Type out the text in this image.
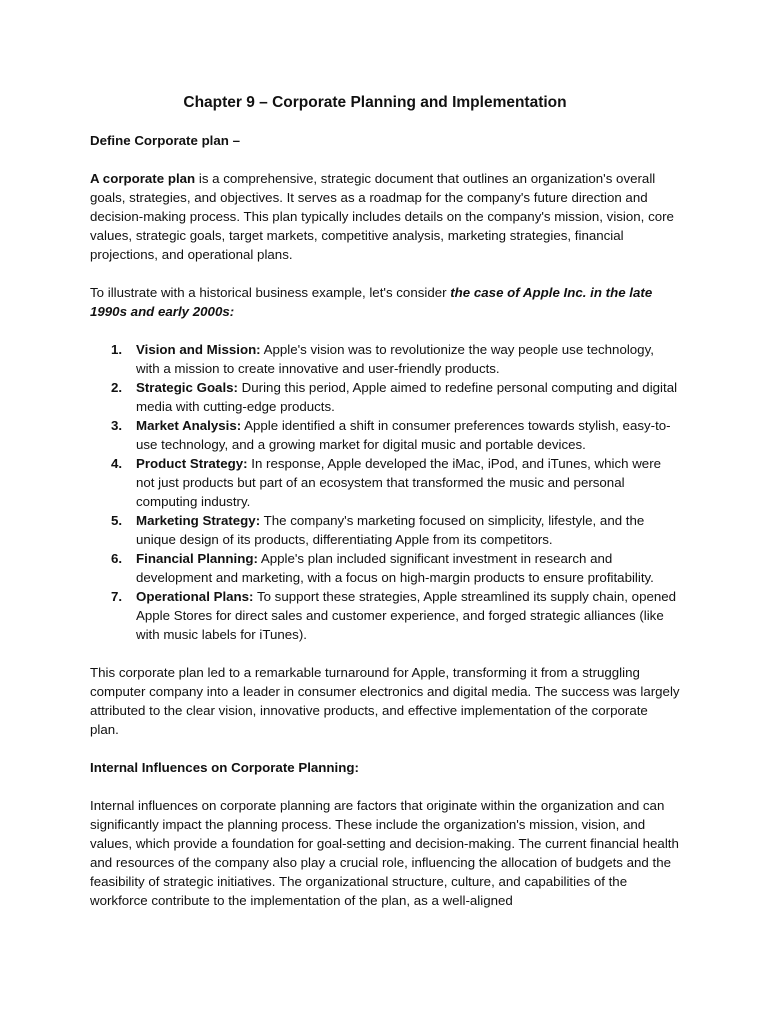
Chapter 9 – Corporate Planning and Implementation
Define Corporate plan –

A corporate plan is a comprehensive, strategic document that outlines an organization's overall goals, strategies, and objectives. It serves as a roadmap for the company's future direction and decision-making process. This plan typically includes details on the company's mission, vision, core values, strategic goals, target markets, competitive analysis, marketing strategies, financial projections, and operational plans.

To illustrate with a historical business example, let's consider the case of Apple Inc. in the late 1990s and early 2000s:

1. Vision and Mission: Apple's vision was to revolutionize the way people use technology, with a mission to create innovative and user-friendly products.
2. Strategic Goals: During this period, Apple aimed to redefine personal computing and digital media with cutting-edge products.
3. Market Analysis: Apple identified a shift in consumer preferences towards stylish, easy-to-use technology, and a growing market for digital music and portable devices.
4. Product Strategy: In response, Apple developed the iMac, iPod, and iTunes, which were not just products but part of an ecosystem that transformed the music and personal computing industry.
5. Marketing Strategy: The company's marketing focused on simplicity, lifestyle, and the unique design of its products, differentiating Apple from its competitors.
6. Financial Planning: Apple's plan included significant investment in research and development and marketing, with a focus on high-margin products to ensure profitability.
7. Operational Plans: To support these strategies, Apple streamlined its supply chain, opened Apple Stores for direct sales and customer experience, and forged strategic alliances (like with music labels for iTunes).

This corporate plan led to a remarkable turnaround for Apple, transforming it from a struggling computer company into a leader in consumer electronics and digital media. The success was largely attributed to the clear vision, innovative products, and effective implementation of the corporate plan.

Internal Influences on Corporate Planning:

Internal influences on corporate planning are factors that originate within the organization and can significantly impact the planning process. These include the organization's mission, vision, and values, which provide a foundation for goal-setting and decision-making. The current financial health and resources of the company also play a crucial role, influencing the allocation of budgets and the feasibility of strategic initiatives. The organizational structure, culture, and capabilities of the workforce contribute to the implementation of the plan, as a well-aligned
